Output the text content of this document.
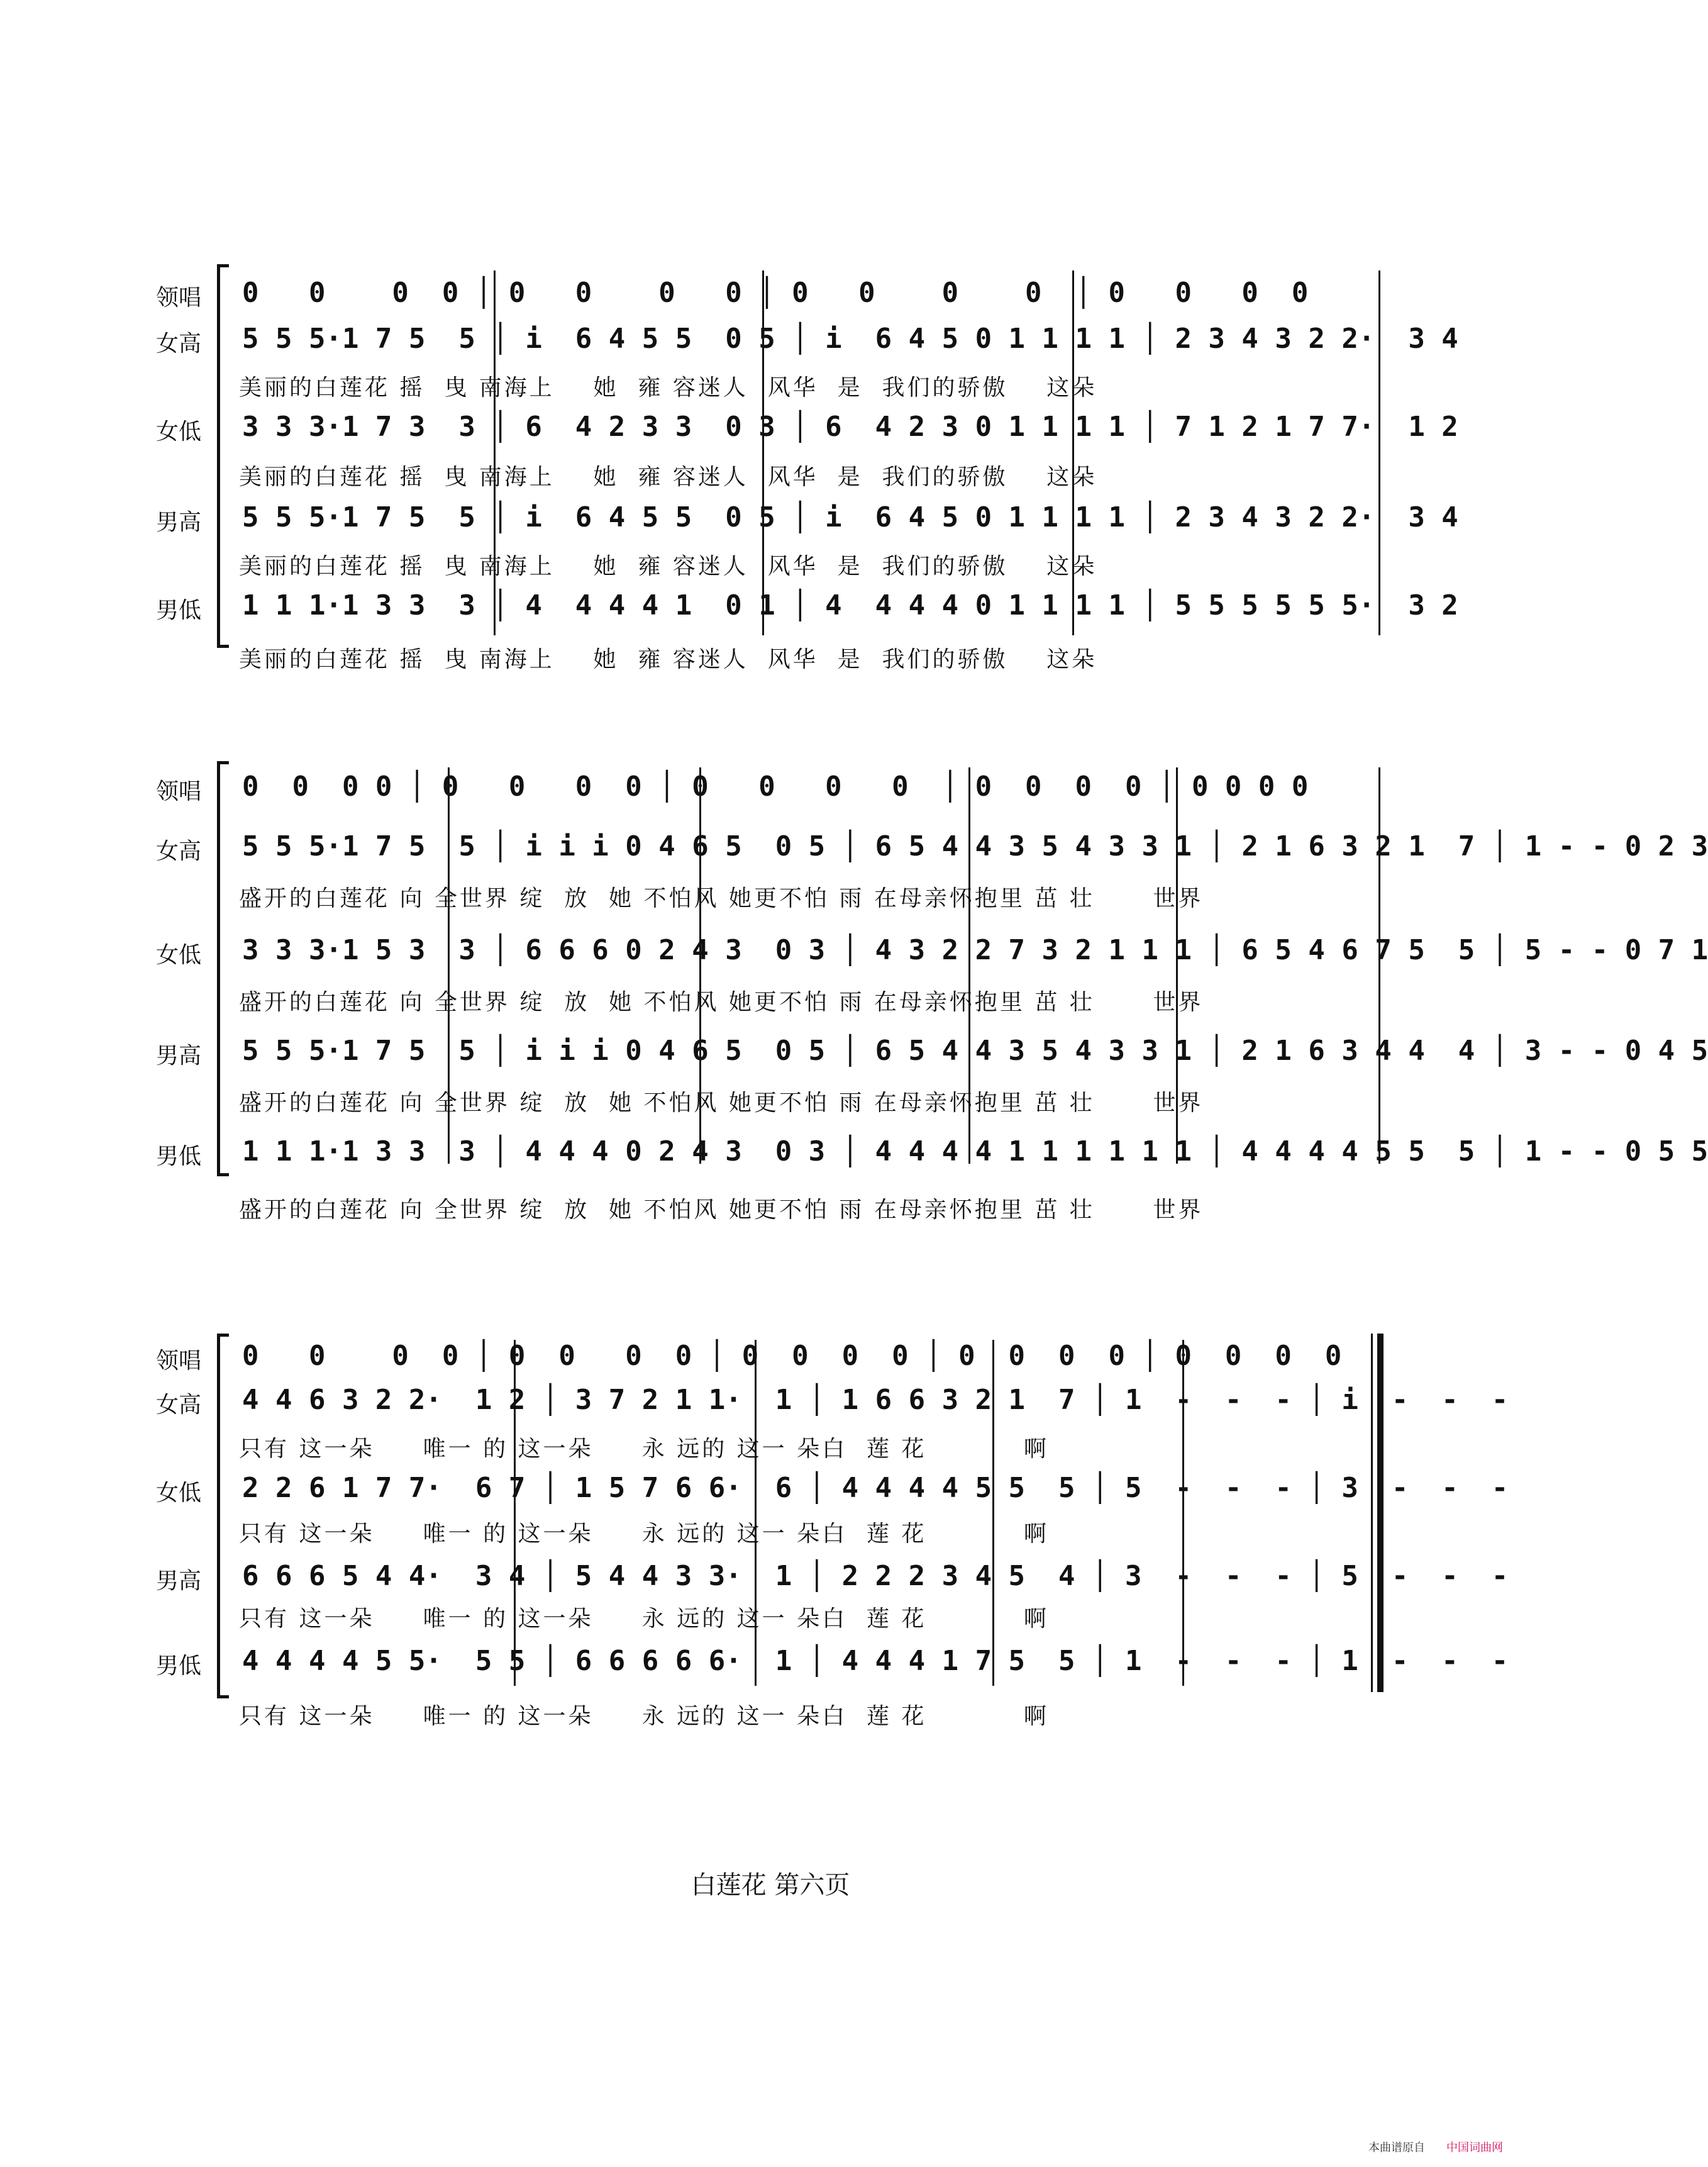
领唱	0   0    0  0 │ 0   0    0   0 │ 0   0    0    0  │ 0   0   0  0
女高	5 5 5·1 7 5  5 │ i  6 4 5 5  0 5 │ i  6 4 5 0 1 1 1 1 │ 2 3 4 3 2 2·  3 4
美丽的白莲花 摇  曳 南海上    她  雍 容迷人  风华  是  我们的骄傲    这朵
女低	3 3 3·1 7 3  3 │ 6  4 2 3 3  0 3 │ 6  4 2 3 0 1 1 1 1 │ 7 1 2 1 7 7·  1 2
美丽的白莲花 摇  曳 南海上    她  雍 容迷人  风华  是  我们的骄傲    这朵
男高	5 5 5·1 7 5  5 │ i  6 4 5 5  0 5 │ i  6 4 5 0 1 1 1 1 │ 2 3 4 3 2 2·  3 4
美丽的白莲花 摇  曳 南海上    她  雍 容迷人  风华  是  我们的骄傲    这朵
男低	1 1 1·1 3 3  3 │ 4  4 4 4 1  0 1 │ 4  4 4 4 0 1 1 1 1 │ 5 5 5 5 5 5·  3 2
美丽的白莲花 摇  曳 南海上    她  雍 容迷人  风华  是  我们的骄傲    这朵
领唱	0  0  0 0 │ 0   0   0  0 │ 0   0   0   0  │ 0  0  0  0 │ 0 0 0 0
女高	5 5 5·1 7 5  5 │ i i i 0 4 6 5  0 5 │ 6 5 4 4 3 5 4 3 3 1 │ 2 1 6 3 2 1  7 │ 1 - - 0 2 3
盛开的白莲花 向 全世界 绽  放  她 不怕风 她更不怕 雨 在母亲怀抱里 茁 壮      世界
女低	3 3 3·1 5 3  3 │ 6 6 6 0 2 4 3  0 3 │ 4 3 2 2 7 3 2 1 1 1 │ 6 5 4 6 7 5  5 │ 5 - - 0 7 1
盛开的白莲花 向 全世界 绽  放  她 不怕风 她更不怕 雨 在母亲怀抱里 茁 壮      世界
男高	5 5 5·1 7 5  5 │ i i i 0 4 6 5  0 5 │ 6 5 4 4 3 5 4 3 3 1 │ 2 1 6 3 4 4  4 │ 3 - - 0 4 5
盛开的白莲花 向 全世界 绽  放  她 不怕风 她更不怕 雨 在母亲怀抱里 茁 壮      世界
男低	1 1 1·1 3 3  3 │ 4 4 4 0 2 4 3  0 3 │ 4 4 4 4 1 1 1 1 1 1 │ 4 4 4 4 5 5  5 │ 1 - - 0 5 5
盛开的白莲花 向 全世界 绽  放  她 不怕风 她更不怕 雨 在母亲怀抱里 茁 壮      世界
领唱	0   0    0  0 │ 0  0   0  0 │ 0  0  0  0 │ 0  0  0  0 │ 0  0  0  0
女高	4 4 6 3 2 2·  1 2 │ 3 7 2 1 1·  1 │ 1 6 6 3 2 1  7 │ 1  -  -  - │ i  -  -  -
只有 这一朵     唯一 的 这一朵     永 远的 这一 朵白  莲 花          啊
女低	2 2 6 1 7 7·  6 7 │ 1 5 7 6 6·  6 │ 4 4 4 4 5 5  5 │ 5  -  -  - │ 3  -  -  -
只有 这一朵     唯一 的 这一朵     永 远的 这一 朵白  莲 花          啊
男高	6 6 6 5 4 4·  3 4 │ 5 4 4 3 3·  1 │ 2 2 2 3 4 5  4 │ 3  -  -  - │ 5  -  -  -
只有 这一朵     唯一 的 这一朵     永 远的 这一 朵白  莲 花          啊
男低	4 4 4 4 5 5·  5 5 │ 6 6 6 6 6·  1 │ 4 4 4 1 7 5  5 │ 1  -  -  - │ 1  -  -  -
只有 这一朵     唯一 的 这一朵     永 远的 这一 朵白  莲 花          啊
白莲花 第六页
本曲谱原自 中国词曲网
